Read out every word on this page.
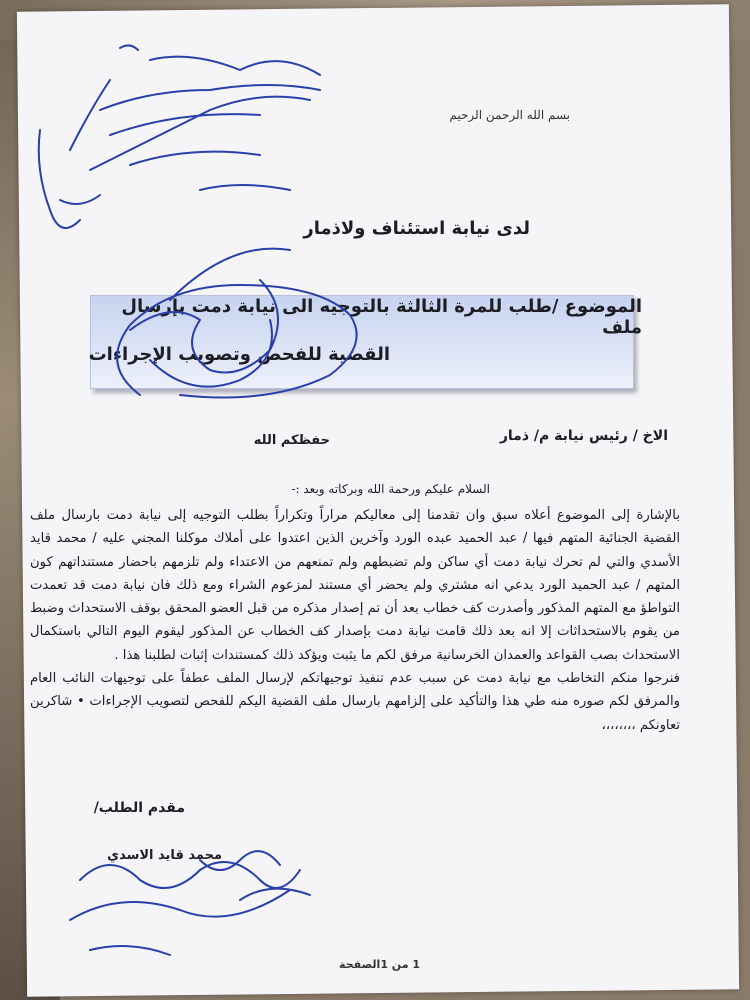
بسم الله الرحمن الرحيم
لدى نيابة استئناف ولاذمار
الموضوع /طلب للمرة الثالثة بالتوجيه الى نيابة دمت بإرسال ملف
القضية للفحص وتصويب الإجراءات
الاخ / رئيس نيابة م/ ذمار
حفظكم الله
السلام عليكم ورحمة الله وبركاته وبعد :-

بالإشارة إلى الموضوع أعلاه سبق وان تقدمنا إلى معاليكم مراراً وتكراراً بطلب التوجيه إلى نيابة دمت بارسال ملف القضية الجنائية المتهم فيها / عبد الحميد عبده الورد وآخرين الذين اعتدوا على أملاك موكلنا المجني عليه / محمد قايد الأسدي والتي لم تحرك نيابة دمت أي ساكن ولم تضبطهم ولم تمنعهم من الاعتداء ولم تلزمهم باحضار مستنداتهم كون المتهم / عبد الحميد الورد يدعي انه مشتري ولم يحضر أي مستند لمزعوم الشراء ومع ذلك فان نيابة دمت قد تعمدت التواطؤ مع المتهم المذكور وأصدرت كف خطاب بعد أن تم إصدار مذكره من قبل العضو المحقق بوقف الاستحداث وضبط من يقوم بالاستحداثات إلا انه بعد ذلك قامت نيابة دمت بإصدار كف الخطاب عن المذكور ليقوم اليوم التالي باستكمال الاستحداث بصب القواعد والعمدان الخرسانية مرفق لكم ما يثبت ويؤكد ذلك كمستندات إثبات لطلبنا هذا .

فنرجوا منكم التخاطب مع نيابة دمت عن سبب عدم تنفيذ توجيهاتكم لإرسال الملف عطفاً على توجيهات النائب العام والمرفق لكم صوره منه طي هذا والتأكيد على إلزامهم بارسال ملف القضية اليكم للفحص لتصويب الإجراءات • شاكرين تعاونكم ،،،،،،،،

مقدم الطلب/
محمد قايد الاسدي
1 من 1الصفحة
